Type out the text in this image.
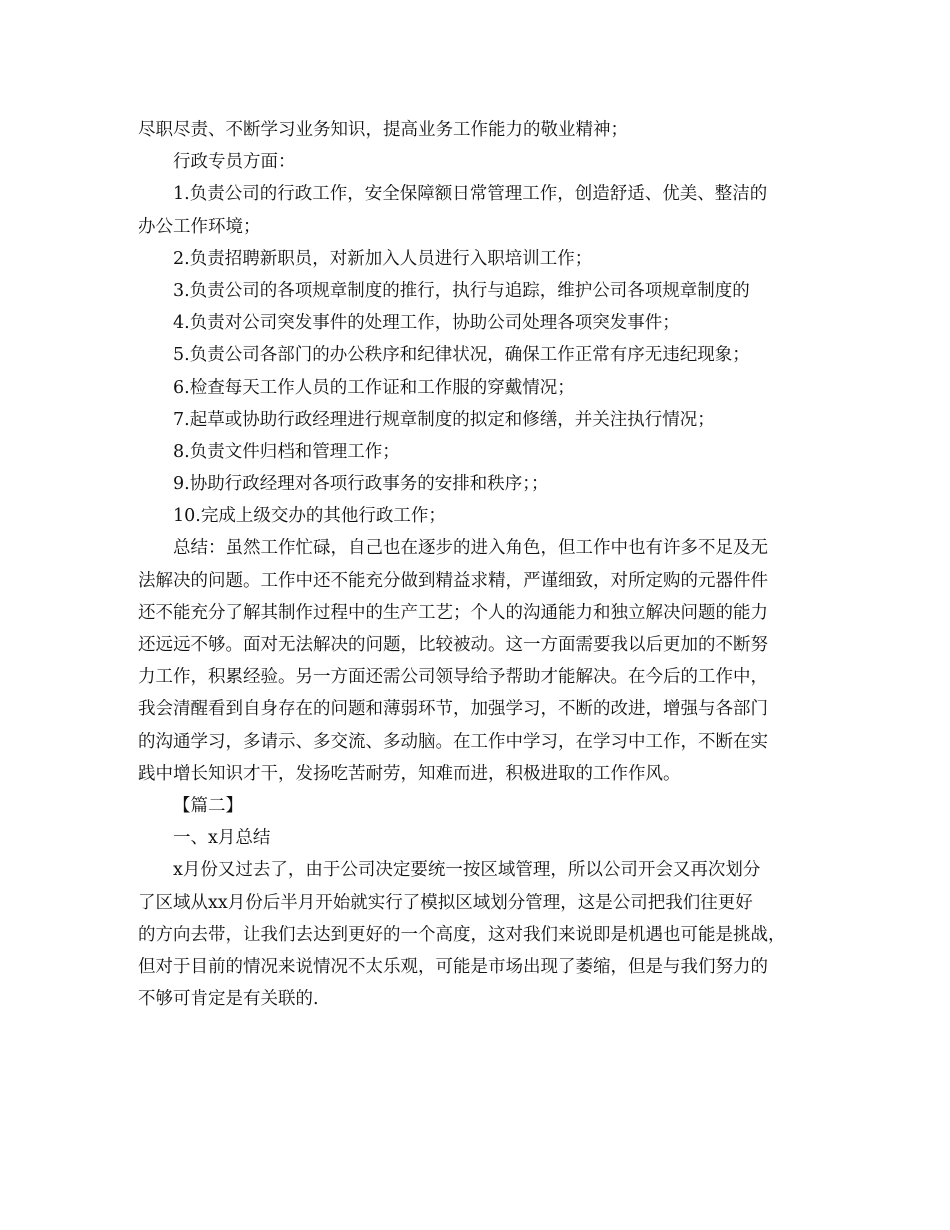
尽职尽责、不断学习业务知识，提高业务工作能力的敬业精神；
行政专员方面：
1.负责公司的行政工作，安全保障额日常管理工作，创造舒适、优美、整洁的
办公工作环境；
2.负责招聘新职员，对新加入人员进行入职培训工作；
3.负责公司的各项规章制度的推行，执行与追踪，维护公司各项规章制度的
4.负责对公司突发事件的处理工作，协助公司处理各项突发事件；
5.负责公司各部门的办公秩序和纪律状况，确保工作正常有序无违纪现象；
6.检查每天工作人员的工作证和工作服的穿戴情况；
7.起草或协助行政经理进行规章制度的拟定和修缮，并关注执行情况；
8.负责文件归档和管理工作；
9.协助行政经理对各项行政事务的安排和秩序；；
10.完成上级交办的其他行政工作；
总结：虽然工作忙碌，自己也在逐步的进入角色，但工作中也有许多不足及无
法解决的问题。工作中还不能充分做到精益求精，严谨细致，对所定购的元器件件
还不能充分了解其制作过程中的生产工艺；个人的沟通能力和独立解决问题的能力
还远远不够。面对无法解决的问题，比较被动。这一方面需要我以后更加的不断努
力工作，积累经验。另一方面还需公司领导给予帮助才能解决。在今后的工作中，
我会清醒看到自身存在的问题和薄弱环节，加强学习，不断的改进，增强与各部门
的沟通学习，多请示、多交流、多动脑。在工作中学习，在学习中工作，不断在实
践中增长知识才干，发扬吃苦耐劳，知难而进，积极进取的工作作风。
【篇二】
一、x月总结
x月份又过去了，由于公司决定要统一按区域管理，所以公司开会又再次划分
了区域从xx月份后半月开始就实行了模拟区域划分管理，这是公司把我们往更好
的方向去带，让我们去达到更好的一个高度，这对我们来说即是机遇也可能是挑战，
但对于目前的情况来说情况不太乐观，可能是市场出现了萎缩，但是与我们努力的
不够可肯定是有关联的.
